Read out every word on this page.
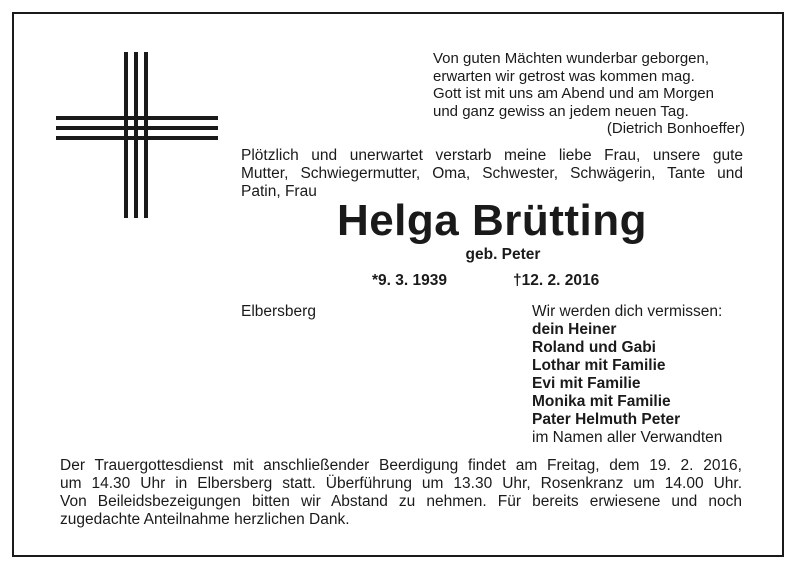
Von guten Mächten wunderbar geborgen,
erwarten wir getrost was kommen mag.
Gott ist mit uns am Abend und am Morgen
und ganz gewiss an jedem neuen Tag.
(Dietrich Bonhoeffer)
Plötzlich und unerwartet verstarb meine liebe Frau, unsere gute
Mutter, Schwiegermutter, Oma, Schwester, Schwägerin, Tante und
Patin, Frau
Helga Brütting
geb. Peter
*9. 3. 1939	†12. 2. 2016
Elbersberg	Wir werden dich vermissen:
dein Heiner
Roland und Gabi
Lothar mit Familie
Evi mit Familie
Monika mit Familie
Pater Helmuth Peter
im Namen aller Verwandten
Der Trauergottesdienst mit anschließender Beerdigung findet am Freitag, dem 19. 2. 2016,
um 14.30 Uhr in Elbersberg statt. Überführung um 13.30 Uhr, Rosenkranz um 14.00 Uhr.
Von Beileidsbezeigungen bitten wir Abstand zu nehmen. Für bereits erwiesene und noch
zugedachte Anteilnahme herzlichen Dank.
